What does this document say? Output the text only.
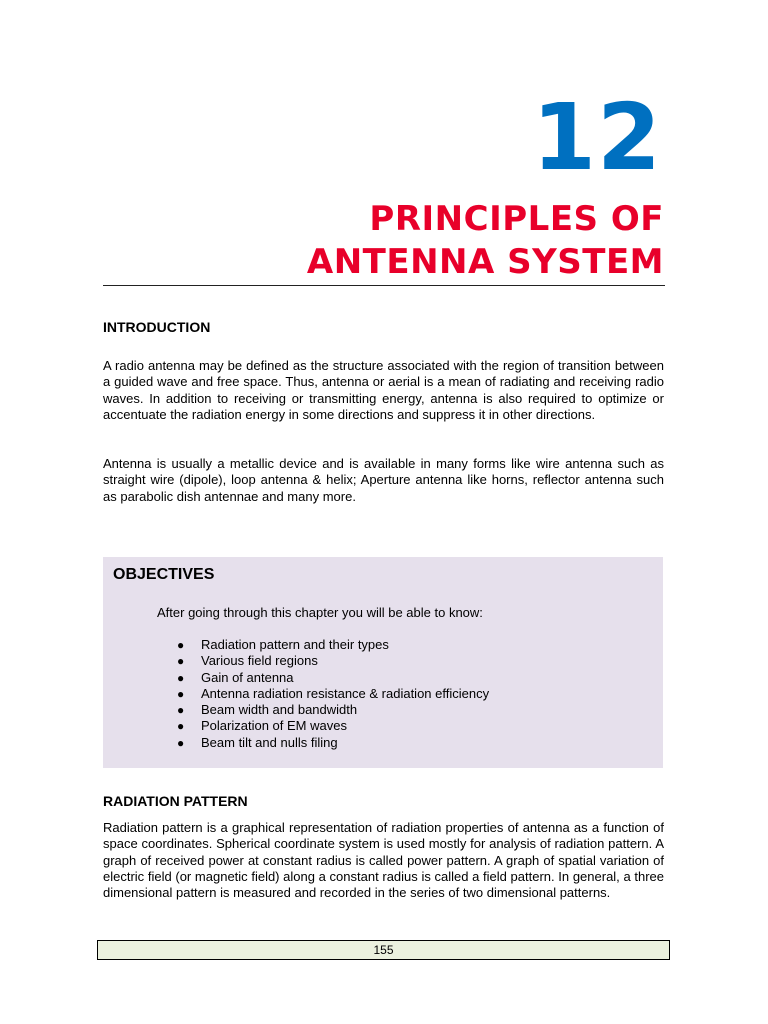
12
PRINCIPLES OF
ANTENNA SYSTEM
INTRODUCTION

A radio antenna may be defined as the structure associated with the region of transition between a guided wave and free space. Thus, antenna or aerial is a mean of radiating and receiving radio waves. In addition to receiving or transmitting energy, antenna is also required to optimize or accentuate the radiation energy in some directions and suppress it in other directions.

Antenna is usually a metallic device and is available in many forms like wire antenna such as straight wire (dipole), loop antenna & helix; Aperture antenna like horns, reflector antenna such as parabolic dish antennae and many more.

OBJECTIVES
After going through this chapter you will be able to know:
● Radiation pattern and their types
● Various field regions
● Gain of antenna
● Antenna radiation resistance & radiation efficiency
● Beam width and bandwidth
● Polarization of EM waves
● Beam tilt and nulls filing
RADIATION PATTERN

Radiation pattern is a graphical representation of radiation properties of antenna as a function of space coordinates. Spherical coordinate system is used mostly for analysis of radiation pattern. A graph of received power at constant radius is called power pattern. A graph of spatial variation of electric field (or magnetic field) along a constant radius is called a field pattern. In general, a three dimensional pattern is measured and recorded in the series of two dimensional patterns.

155
